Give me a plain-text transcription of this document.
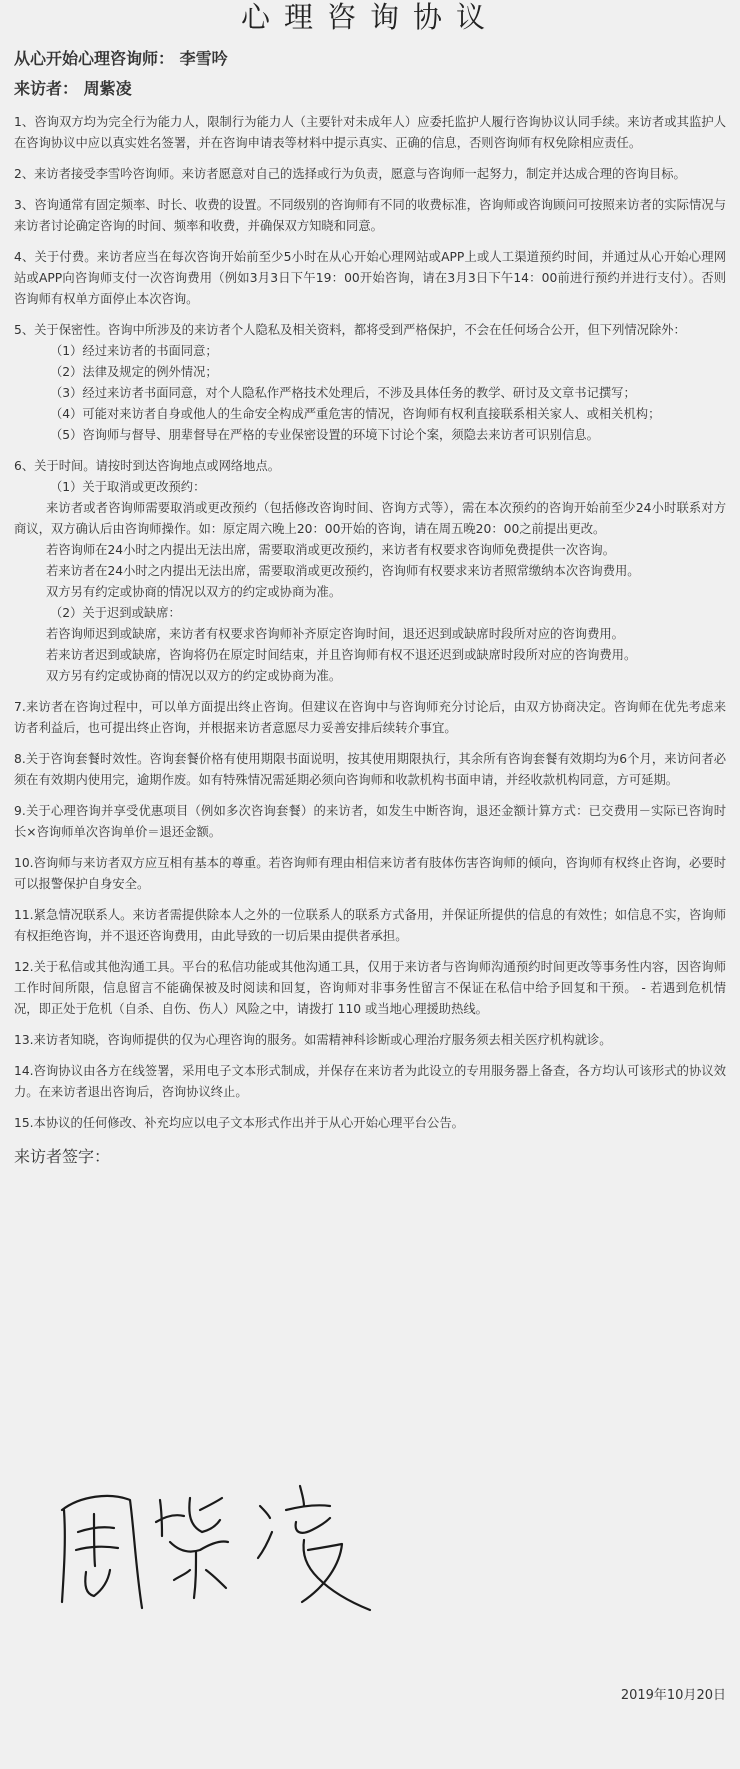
心理咨询协议
从心开始心理咨询师： 李雪吟
来访者： 周紫凌

1、咨询双方均为完全行为能力人，限制行为能力人（主要针对未成年人）应委托监护人履行咨询协议认同手续。来访者或其监护人在咨询协议中应以真实姓名签署，并在咨询申请表等材料中提示真实、正确的信息，否则咨询师有权免除相应责任。

2、来访者接受李雪吟咨询师。来访者愿意对自己的选择或行为负责，愿意与咨询师一起努力，制定并达成合理的咨询目标。

3、咨询通常有固定频率、时长、收费的设置。不同级别的咨询师有不同的收费标准，咨询师或咨询顾问可按照来访者的实际情况与来访者讨论确定咨询的时间、频率和收费，并确保双方知晓和同意。

4、关于付费。来访者应当在每次咨询开始前至少5小时在从心开始心理网站或APP上或人工渠道预约时间，并通过从心开始心理网站或APP向咨询师支付一次咨询费用（例如3月3日下午19：00开始咨询，请在3月3日下午14：00前进行预约并进行支付）。否则咨询师有权单方面停止本次咨询。

5、关于保密性。咨询中所涉及的来访者个人隐私及相关资料，都将受到严格保护，不会在任何场合公开，但下列情况除外：

（1）经过来访者的书面同意；

（2）法律及规定的例外情况；

（3）经过来访者书面同意，对个人隐私作严格技术处理后，不涉及具体任务的教学、研讨及文章书记撰写；

（4）可能对来访者自身或他人的生命安全构成严重危害的情况，咨询师有权利直接联系相关家人、或相关机构；

（5）咨询师与督导、朋辈督导在严格的专业保密设置的环境下讨论个案，须隐去来访者可识别信息。

6、关于时间。请按时到达咨询地点或网络地点。

（1）关于取消或更改预约：

来访者或者咨询师需要取消或更改预约（包括修改咨询时间、咨询方式等），需在本次预约的咨询开始前至少24小时联系对方商议，双方确认后由咨询师操作。如：原定周六晚上20：00开始的咨询，请在周五晚20：00之前提出更改。

若咨询师在24小时之内提出无法出席，需要取消或更改预约，来访者有权要求咨询师免费提供一次咨询。

若来访者在24小时之内提出无法出席，需要取消或更改预约，咨询师有权要求来访者照常缴纳本次咨询费用。

双方另有约定或协商的情况以双方的约定或协商为准。

（2）关于迟到或缺席：

若咨询师迟到或缺席，来访者有权要求咨询师补齐原定咨询时间，退还迟到或缺席时段所对应的咨询费用。

若来访者迟到或缺席，咨询将仍在原定时间结束，并且咨询师有权不退还迟到或缺席时段所对应的咨询费用。

双方另有约定或协商的情况以双方的约定或协商为准。

7.来访者在咨询过程中，可以单方面提出终止咨询。但建议在咨询中与咨询师充分讨论后，由双方协商决定。咨询师在优先考虑来访者利益后，也可提出终止咨询，并根据来访者意愿尽力妥善安排后续转介事宜。

8.关于咨询套餐时效性。咨询套餐价格有使用期限书面说明，按其使用期限执行，其余所有咨询套餐有效期均为6个月，来访问者必须在有效期内使用完，逾期作废。如有特殊情况需延期必须向咨询师和收款机构书面申请，并经收款机构同意，方可延期。

9.关于心理咨询并享受优惠项目（例如多次咨询套餐）的来访者，如发生中断咨询，退还金额计算方式：已交费用－实际已咨询时长×咨询师单次咨询单价＝退还金额。

10.咨询师与来访者双方应互相有基本的尊重。若咨询师有理由相信来访者有肢体伤害咨询师的倾向，咨询师有权终止咨询，必要时可以报警保护自身安全。

11.紧急情况联系人。来访者需提供除本人之外的一位联系人的联系方式备用，并保证所提供的信息的有效性；如信息不实，咨询师有权拒绝咨询，并不退还咨询费用，由此导致的一切后果由提供者承担。

12.关于私信或其他沟通工具。平台的私信功能或其他沟通工具，仅用于来访者与咨询师沟通预约时间更改等事务性内容，因咨询师工作时间所限，信息留言不能确保被及时阅读和回复，咨询师对非事务性留言不保证在私信中给予回复和干预。 - 若遇到危机情况，即正处于危机（自杀、自伤、伤人）风险之中，请拨打 110 或当地心理援助热线。

13.来访者知晓，咨询师提供的仅为心理咨询的服务。如需精神科诊断或心理治疗服务须去相关医疗机构就诊。

14.咨询协议由各方在线签署，采用电子文本形式制成，并保存在来访者为此设立的专用服务器上备查，各方均认可该形式的协议效力。在来访者退出咨询后，咨询协议终止。

15.本协议的任何修改、补充均应以电子文本形式作出并于从心开始心理平台公告。

来访者签字：
2019年10月20日
